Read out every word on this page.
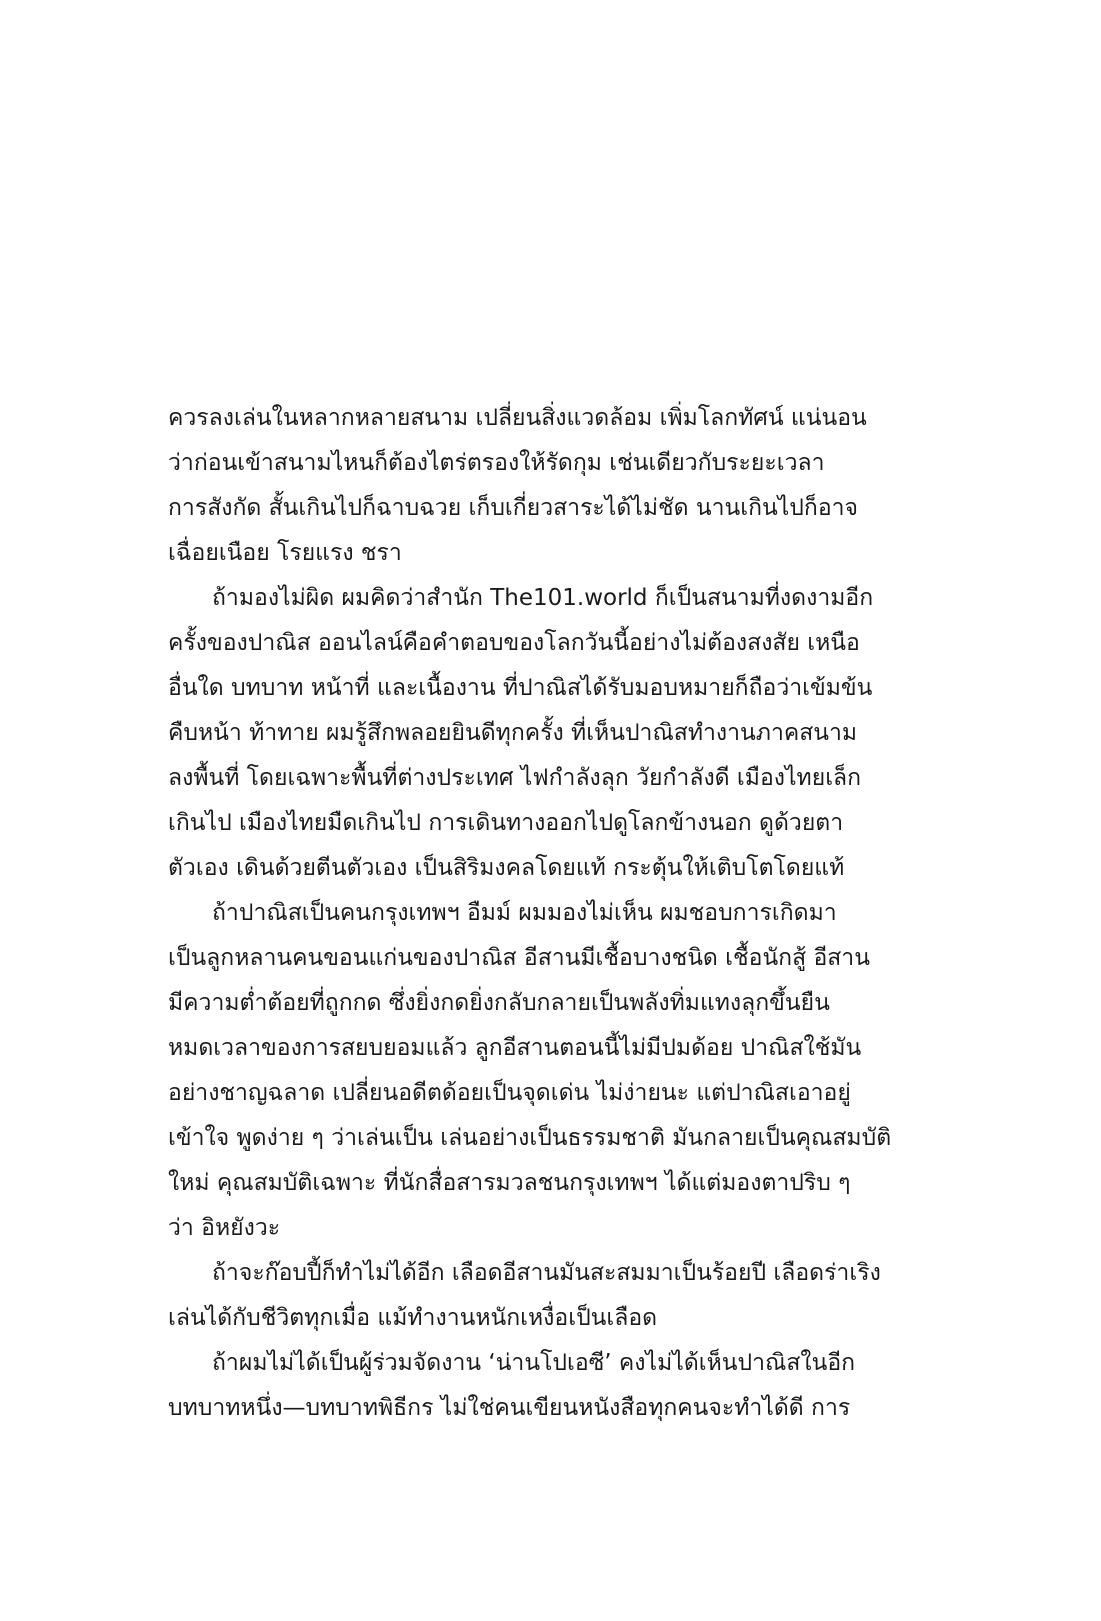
ควรลงเล่นในหลากหลายสนาม เปลี่ยนสิ่งแวดล้อม เพิ่มโลกทัศน์ แน่นอน
ว่าก่อนเข้าสนามไหนก็ต้องไตร่ตรองให้รัดกุม เช่นเดียวกับระยะเวลา
การสังกัด สั้นเกินไปก็ฉาบฉวย เก็บเกี่ยวสาระได้ไม่ชัด นานเกินไปก็อาจ
เฉื่อยเนือย โรยแรง ชรา
ถ้ามองไม่ผิด ผมคิดว่าสำนัก The101.world ก็เป็นสนามที่งดงามอีก
ครั้งของปาณิส ออนไลน์คือคำตอบของโลกวันนี้อย่างไม่ต้องสงสัย เหนือ
อื่นใด บทบาท หน้าที่ และเนื้องาน ที่ปาณิสได้รับมอบหมายก็ถือว่าเข้มข้น
คืบหน้า ท้าทาย ผมรู้สึกพลอยยินดีทุกครั้ง ที่เห็นปาณิสทำงานภาคสนาม
ลงพื้นที่ โดยเฉพาะพื้นที่ต่างประเทศ ไฟกำลังลุก วัยกำลังดี เมืองไทยเล็ก
เกินไป เมืองไทยมืดเกินไป การเดินทางออกไปดูโลกข้างนอก ดูด้วยตา
ตัวเอง เดินด้วยตีนตัวเอง เป็นสิริมงคลโดยแท้ กระตุ้นให้เติบโตโดยแท้
ถ้าปาณิสเป็นคนกรุงเทพฯ อืมม์ ผมมองไม่เห็น ผมชอบการเกิดมา
เป็นลูกหลานคนขอนแก่นของปาณิส อีสานมีเชื้อบางชนิด เชื้อนักสู้ อีสาน
มีความต่ำต้อยที่ถูกกด ซึ่งยิ่งกดยิ่งกลับกลายเป็นพลังทิ่มแทงลุกขึ้นยืน
หมดเวลาของการสยบยอมแล้ว ลูกอีสานตอนนี้ไม่มีปมด้อย ปาณิสใช้มัน
อย่างชาญฉลาด เปลี่ยนอดีตด้อยเป็นจุดเด่น ไม่ง่ายนะ แต่ปาณิสเอาอยู่
เข้าใจ พูดง่าย ๆ ว่าเล่นเป็น เล่นอย่างเป็นธรรมชาติ มันกลายเป็นคุณสมบัติ
ใหม่ คุณสมบัติเฉพาะ ที่นักสื่อสารมวลชนกรุงเทพฯ ได้แต่มองตาปริบ ๆ
ว่า อิหยังวะ
ถ้าจะก๊อบปี้ก็ทำไม่ได้อีก เลือดอีสานมันสะสมมาเป็นร้อยปี เลือดร่าเริง
เล่นได้กับชีวิตทุกเมื่อ แม้ทำงานหนักเหงื่อเป็นเลือด
ถ้าผมไม่ได้เป็นผู้ร่วมจัดงาน ‘น่านโปเอซี’ คงไม่ได้เห็นปาณิสในอีก
บทบาทหนึ่ง—บทบาทพิธีกร ไม่ใช่คนเขียนหนังสือทุกคนจะทำได้ดี การ
